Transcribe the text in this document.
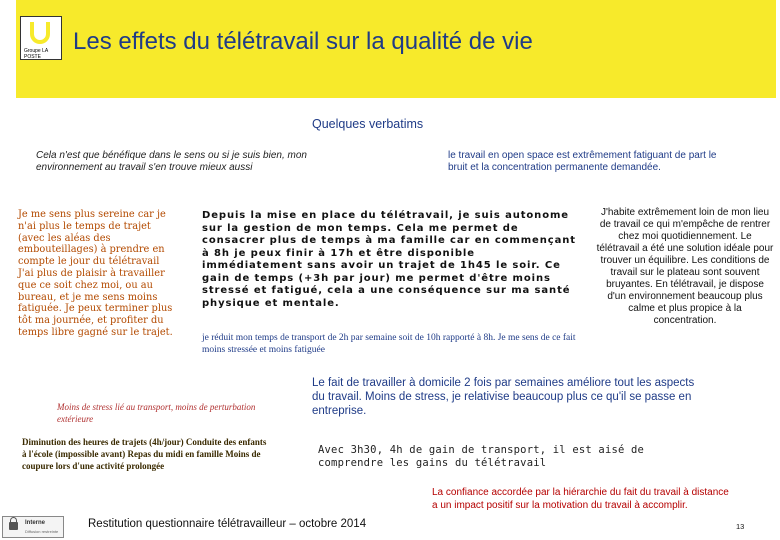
Groupe LA POSTE
Les effets du télétravail sur la qualité de vie
Quelques verbatims

Cela n'est que bénéfique dans le sens ou si je suis bien, mon environnement au travail s'en trouve mieux aussi

le travail en open space est extrêmement fatiguant de part le bruit et la concentration permanente demandée.

Je me sens plus sereine car je n'ai plus le temps de trajet (avec les aléas des embouteillages) à prendre en compte le jour du télétravail J'ai plus de plaisir à travailler que ce soit chez moi, ou au bureau, et je me sens moins fatiguée. Je peux terminer plus tôt ma journée, et profiter du temps libre gagné sur le trajet.

Depuis la mise en place du télétravail, je suis autonome sur la gestion de mon temps. Cela me permet de consacrer plus de temps à ma famille car en commençant à 8h je peux finir à 17h et être disponible immédiatement sans avoir un trajet de 1h45 le soir. Ce gain de temps (+3h par jour) me permet d'être moins stressé et fatigué, cela a une conséquence sur ma santé physique et mentale.

je réduit mon temps de transport de 2h par semaine soit de 10h rapporté à 8h. Je me sens de ce fait moins stressée et moins fatiguée

J'habite extrêmement loin de mon lieu de travail ce qui m'empêche de rentrer chez moi quotidiennement. Le télétravail a été une solution idéale pour trouver un équilibre. Les conditions de travail sur le plateau sont souvent bruyantes. En télétravail, je dispose d'un environnement beaucoup plus calme et plus propice à la concentration.

Le fait de travailler à domicile 2 fois par semaines améliore tout les aspects du travail. Moins de stress, je relativise beaucoup plus ce qu'il se passe en entreprise.

Moins de stress lié au transport, moins de perturbation extérieure

Diminution des heures de trajets (4h/jour) Conduite des enfants à l'école (impossible avant) Repas du midi en famille Moins de coupure lors d'une activité prolongée

Avec 3h30, 4h de gain de transport, il est aisé de comprendre les gains du télétravail

La confiance accordée par la hiérarchie du fait du travail à distance a un impact positif sur la motivation du travail à accomplir.

Interne
Diffusion restreinte
Restitution questionnaire télétravailleur – octobre 2014	13
